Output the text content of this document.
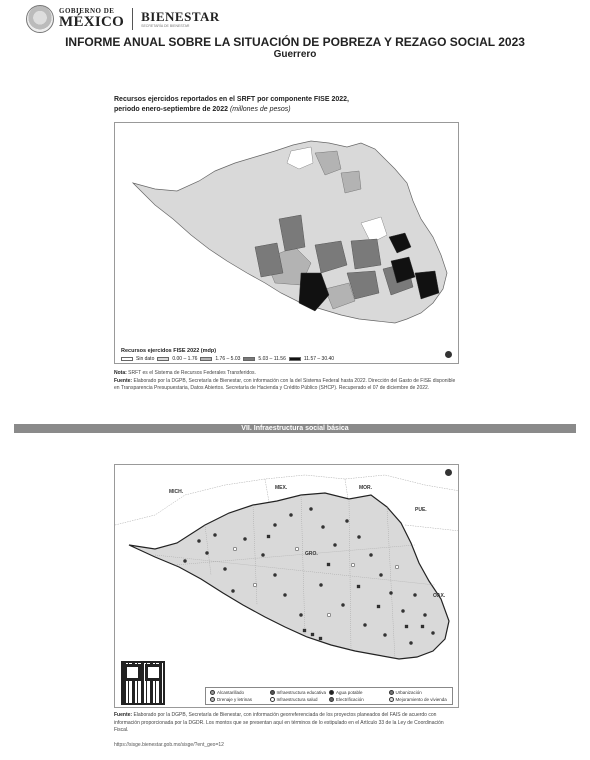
GOBIERNO DE
MÉXICO BIENESTAR
SECRETARÍA DE BIENESTAR
INFORME ANUAL SOBRE LA SITUACIÓN DE POBREZA Y REZAGO SOCIAL 2023
Guerrero
Recursos ejercidos reportados en el SRFT por componente FISE 2022,
periodo enero-septiembre de 2022 (millones de pesos)
Recursos ejercidos FISE 2022 (mdp)
Sin dato	0.00 – 1.76	1.76 – 5.03	5.03 – 11.56	11.57 – 30.40
Nota: SRFT es el Sistema de Recursos Federales Transferidos.
Fuente: Elaborado por la DGPB, Secretaría de Bienestar, con información con la del Sistema Federal hasta 2022. Dirección del Gasto de FISE disponible en Transparencia Presupuestaria, Datos Abiertos. Secretaría de Hacienda y Crédito Público (SHCP). Recuperado el 07 de diciembre de 2022.
VII. Infraestructura social básica
MICH.
MEX.	MOR.
PUE.
GRO.
OAX.
Alcantarillado	Infraestructura educativa Agua potable	Urbanización
Drenaje y letrinas	Infraestructura salud	Electrificación	Mejoramiento de vivienda
Fuente: Elaborado por la DGPB, Secretaría de Bienestar, con información georreferenciada de los proyectos planeados del FAIS de acuerdo con información proporcionada por la DGDR. Los montos que se presentan aquí en términos de lo estipulado en el Artículo 33 de la Ley de Coordinación Fiscal.
https://sisge.bienestar.gob.mx/sisge/?ent_geo=12
